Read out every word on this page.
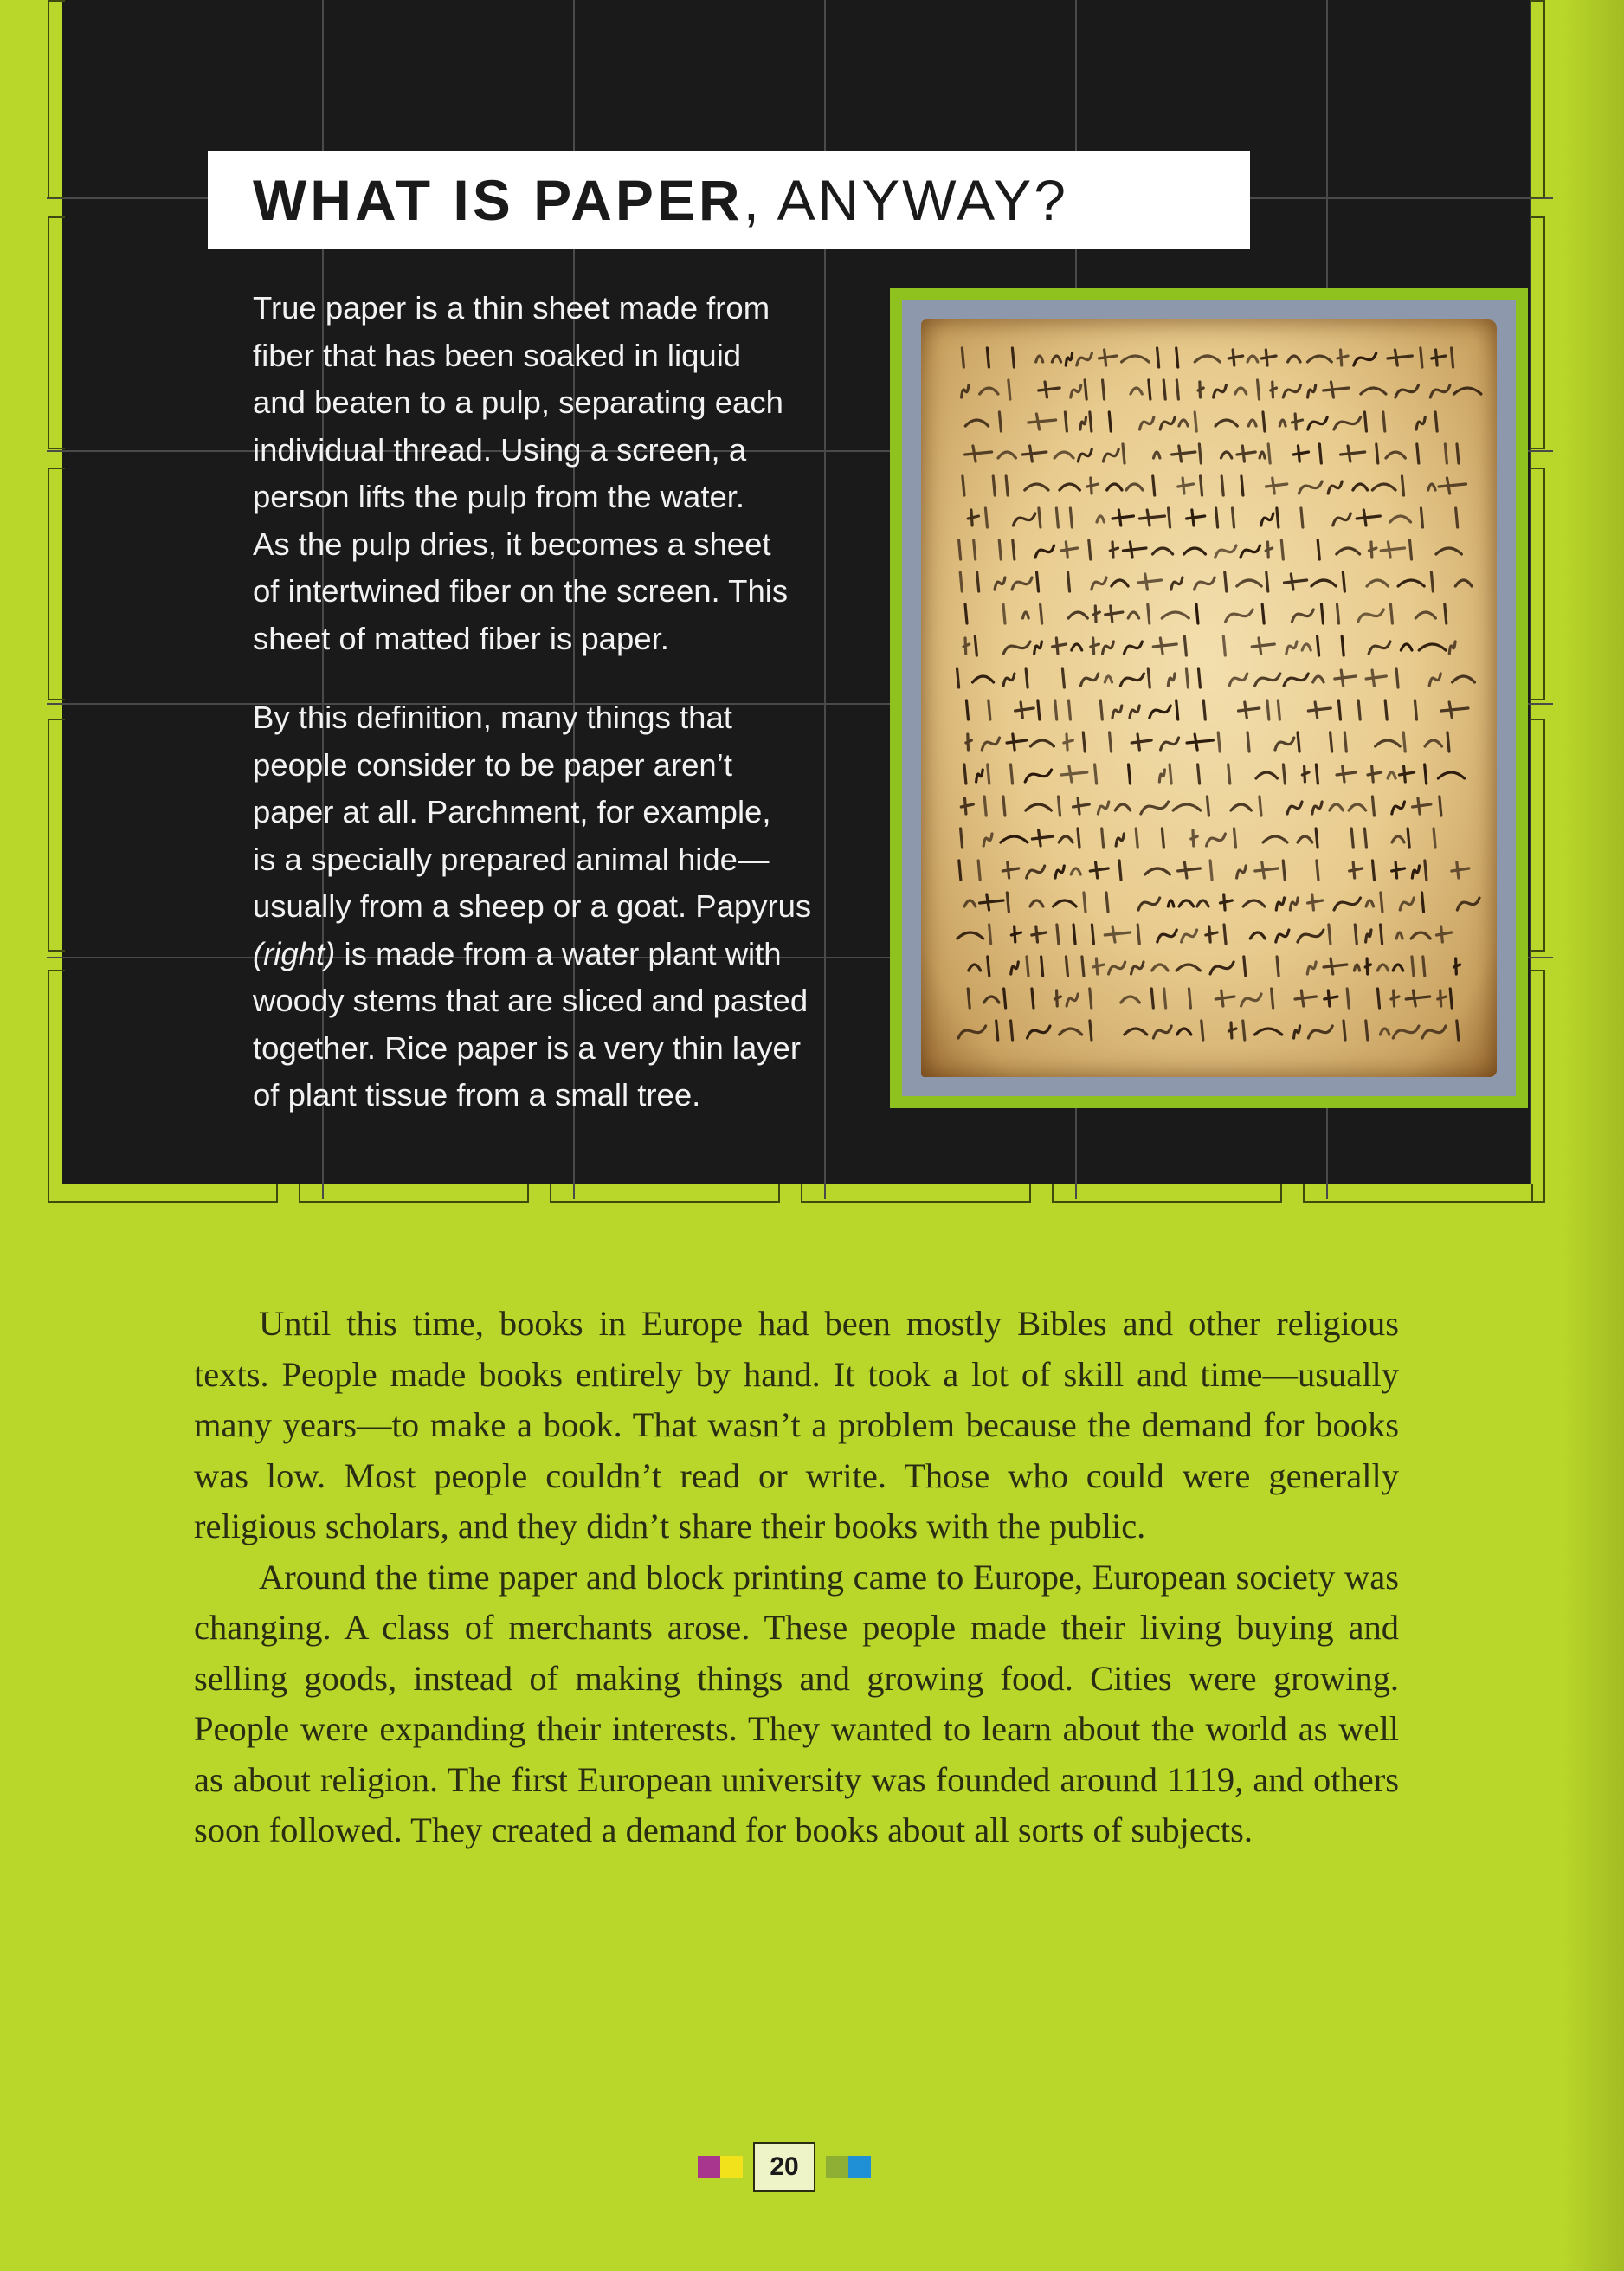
WHAT IS PAPER, ANYWAY?

True paper is a thin sheet made from

fiber that has been soaked in liquid

and beaten to a pulp, separating each

individual thread. Using a screen, a

person lifts the pulp from the water.

As the pulp dries, it becomes a sheet

of intertwined fiber on the screen. This

sheet of matted fiber is paper.

By this definition, many things that

people consider to be paper aren’t

paper at all. Parchment, for example,

is a specially prepared animal hide—

usually from a sheep or a goat. Papyrus

(right) is made from a water plant with

woody stems that are sliced and pasted

together. Rice paper is a very thin layer

of plant tissue from a small tree.

Until this time, books in Europe had been mostly Bibles and other religious texts. People made books entirely by hand. It took a lot of skill and time—usually many years—to make a book. That wasn’t a problem because the demand for books was low. Most people couldn’t read or write. Those who could were generally religious scholars, and they didn’t share their books with the public.

Around the time paper and block printing came to Europe, European society was changing. A class of merchants arose. These people made their living buying and selling goods, instead of making things and growing food. Cities were growing. People were expanding their interests. They wanted to learn about the world as well as about religion. The first European university was founded around 1119, and others soon followed. They created a demand for books about all sorts of subjects.

20
